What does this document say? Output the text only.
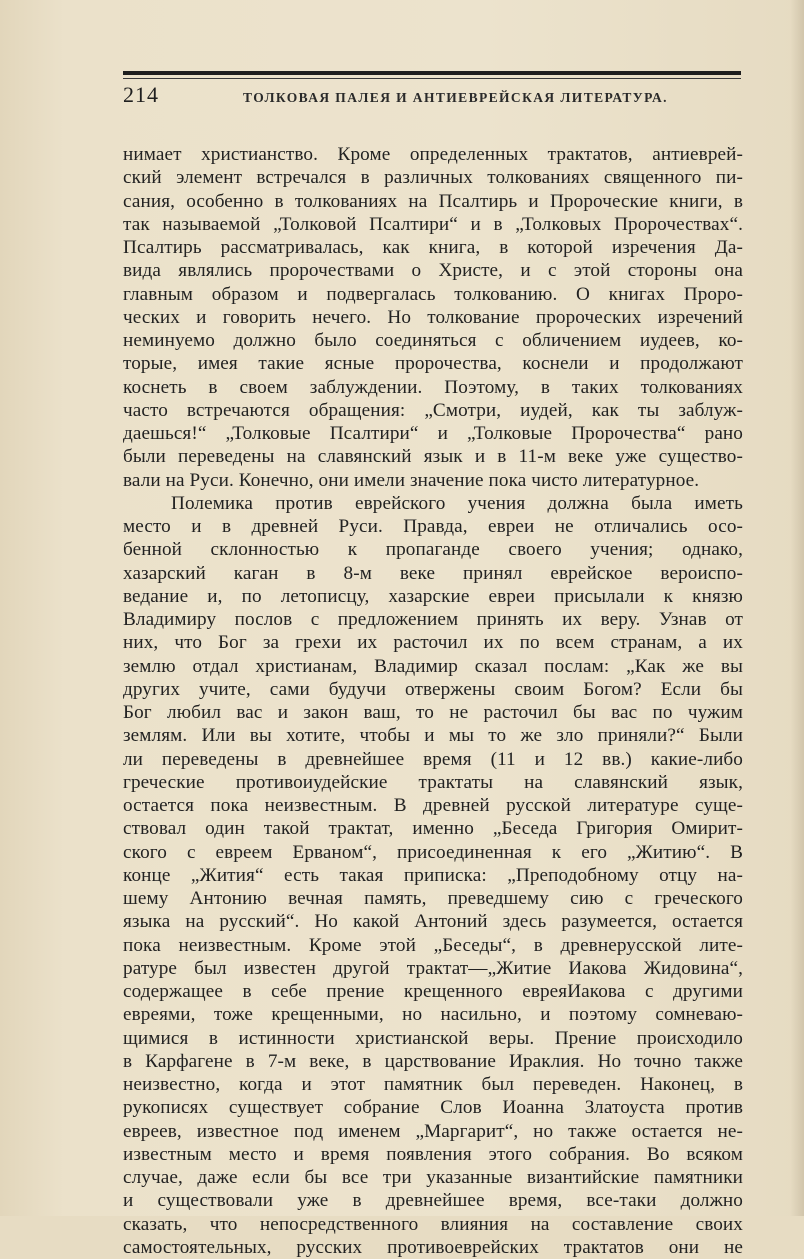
214	ТОЛКОВАЯ ПАЛЕЯ И АНТИЕВРЕЙСКАЯ ЛИТЕРАТУРА.
нимает христианство. Кроме определенных трактатов, антиеврей-
ский элемент встречался в различных толкованиях священного пи-
сания, особенно в толкованиях на Псалтирь и Пророческие книги, в
так называемой „Толковой Псалтири“ и в „Толковых Пророчествах“.
Псалтирь рассматривалась, как книга, в которой изречения Да-
вида являлись пророчествами о Христе, и с этой стороны она
главным образом и подвергалась толкованию. О книгах Проро-
ческих и говорить нечего. Но толкование пророческих изречений
неминуемо должно было соединяться с обличением иудеев, ко-
торые, имея такие ясные пророчества, коснели и продолжают
коснеть в своем заблуждении. Поэтому, в таких толкованиях
часто встречаются обращения: „Смотри, иудей, как ты заблуж-
даешься!“ „Толковые Псалтири“ и „Толковые Пророчества“ рано
были переведены на славянский язык и в 11-м веке уже существо-
вали на Руси. Конечно, они имели значение пока чисто литературное.
Полемика против еврейского учения должна была иметь
место и в древней Руси. Правда, евреи не отличались осо-
бенной склонностью к пропаганде своего учения; однако,
хазарский каган в 8-м веке принял еврейское вероиспо-
ведание и, по летописцу, хазарские евреи присылали к князю
Владимиру послов с предложением принять их веру. Узнав от
них, что Бог за грехи их расточил их по всем странам, а их
землю отдал христианам, Владимир сказал послам: „Как же вы
других учите, сами будучи отвержены своим Богом? Если бы
Бог любил вас и закон ваш, то не расточил бы вас по чужим
землям. Или вы хотите, чтобы и мы то же зло приняли?“ Были
ли переведены в древнейшее время (11 и 12 вв.) какие-либо
греческие противоиудейские трактаты на славянский язык,
остается пока неизвестным. В древней русской литературе суще-
ствовал один такой трактат, именно „Беседа Григория Омирит-
ского с евреем Ерваном“, присоединенная к его „Житию“. В
конце „Жития“ есть такая приписка: „Преподобному отцу на-
шему Антонию вечная память, преведшему сию с греческого
языка на русский“. Но какой Антоний здесь разумеется, остается
пока неизвестным. Кроме этой „Беседы“, в древнерусской лите-
ратуре был известен другой трактат—„Житие Иакова Жидовина“,
содержащее в себе прение крещенного евреяИакова с другими
евреями, тоже крещенными, но насильно, и поэтому сомневаю-
щимися в истинности христианской веры. Прение происходило
в Карфагене в 7-м веке, в царствование Ираклия. Но точно также
неизвестно, когда и этот памятник был переведен. Наконец, в
рукописях существует собрание Слов Иоанна Златоуста против
евреев, известное под именем „Маргарит“, но также остается не-
известным место и время появления этого собрания. Во всяком
случае, даже если бы все три указанные византийские памятники
и существовали уже в древнейшее время, все-таки должно
сказать, что непосредственного влияния на составление своих
самостоятельных, русских противоеврейских трактатов они не
